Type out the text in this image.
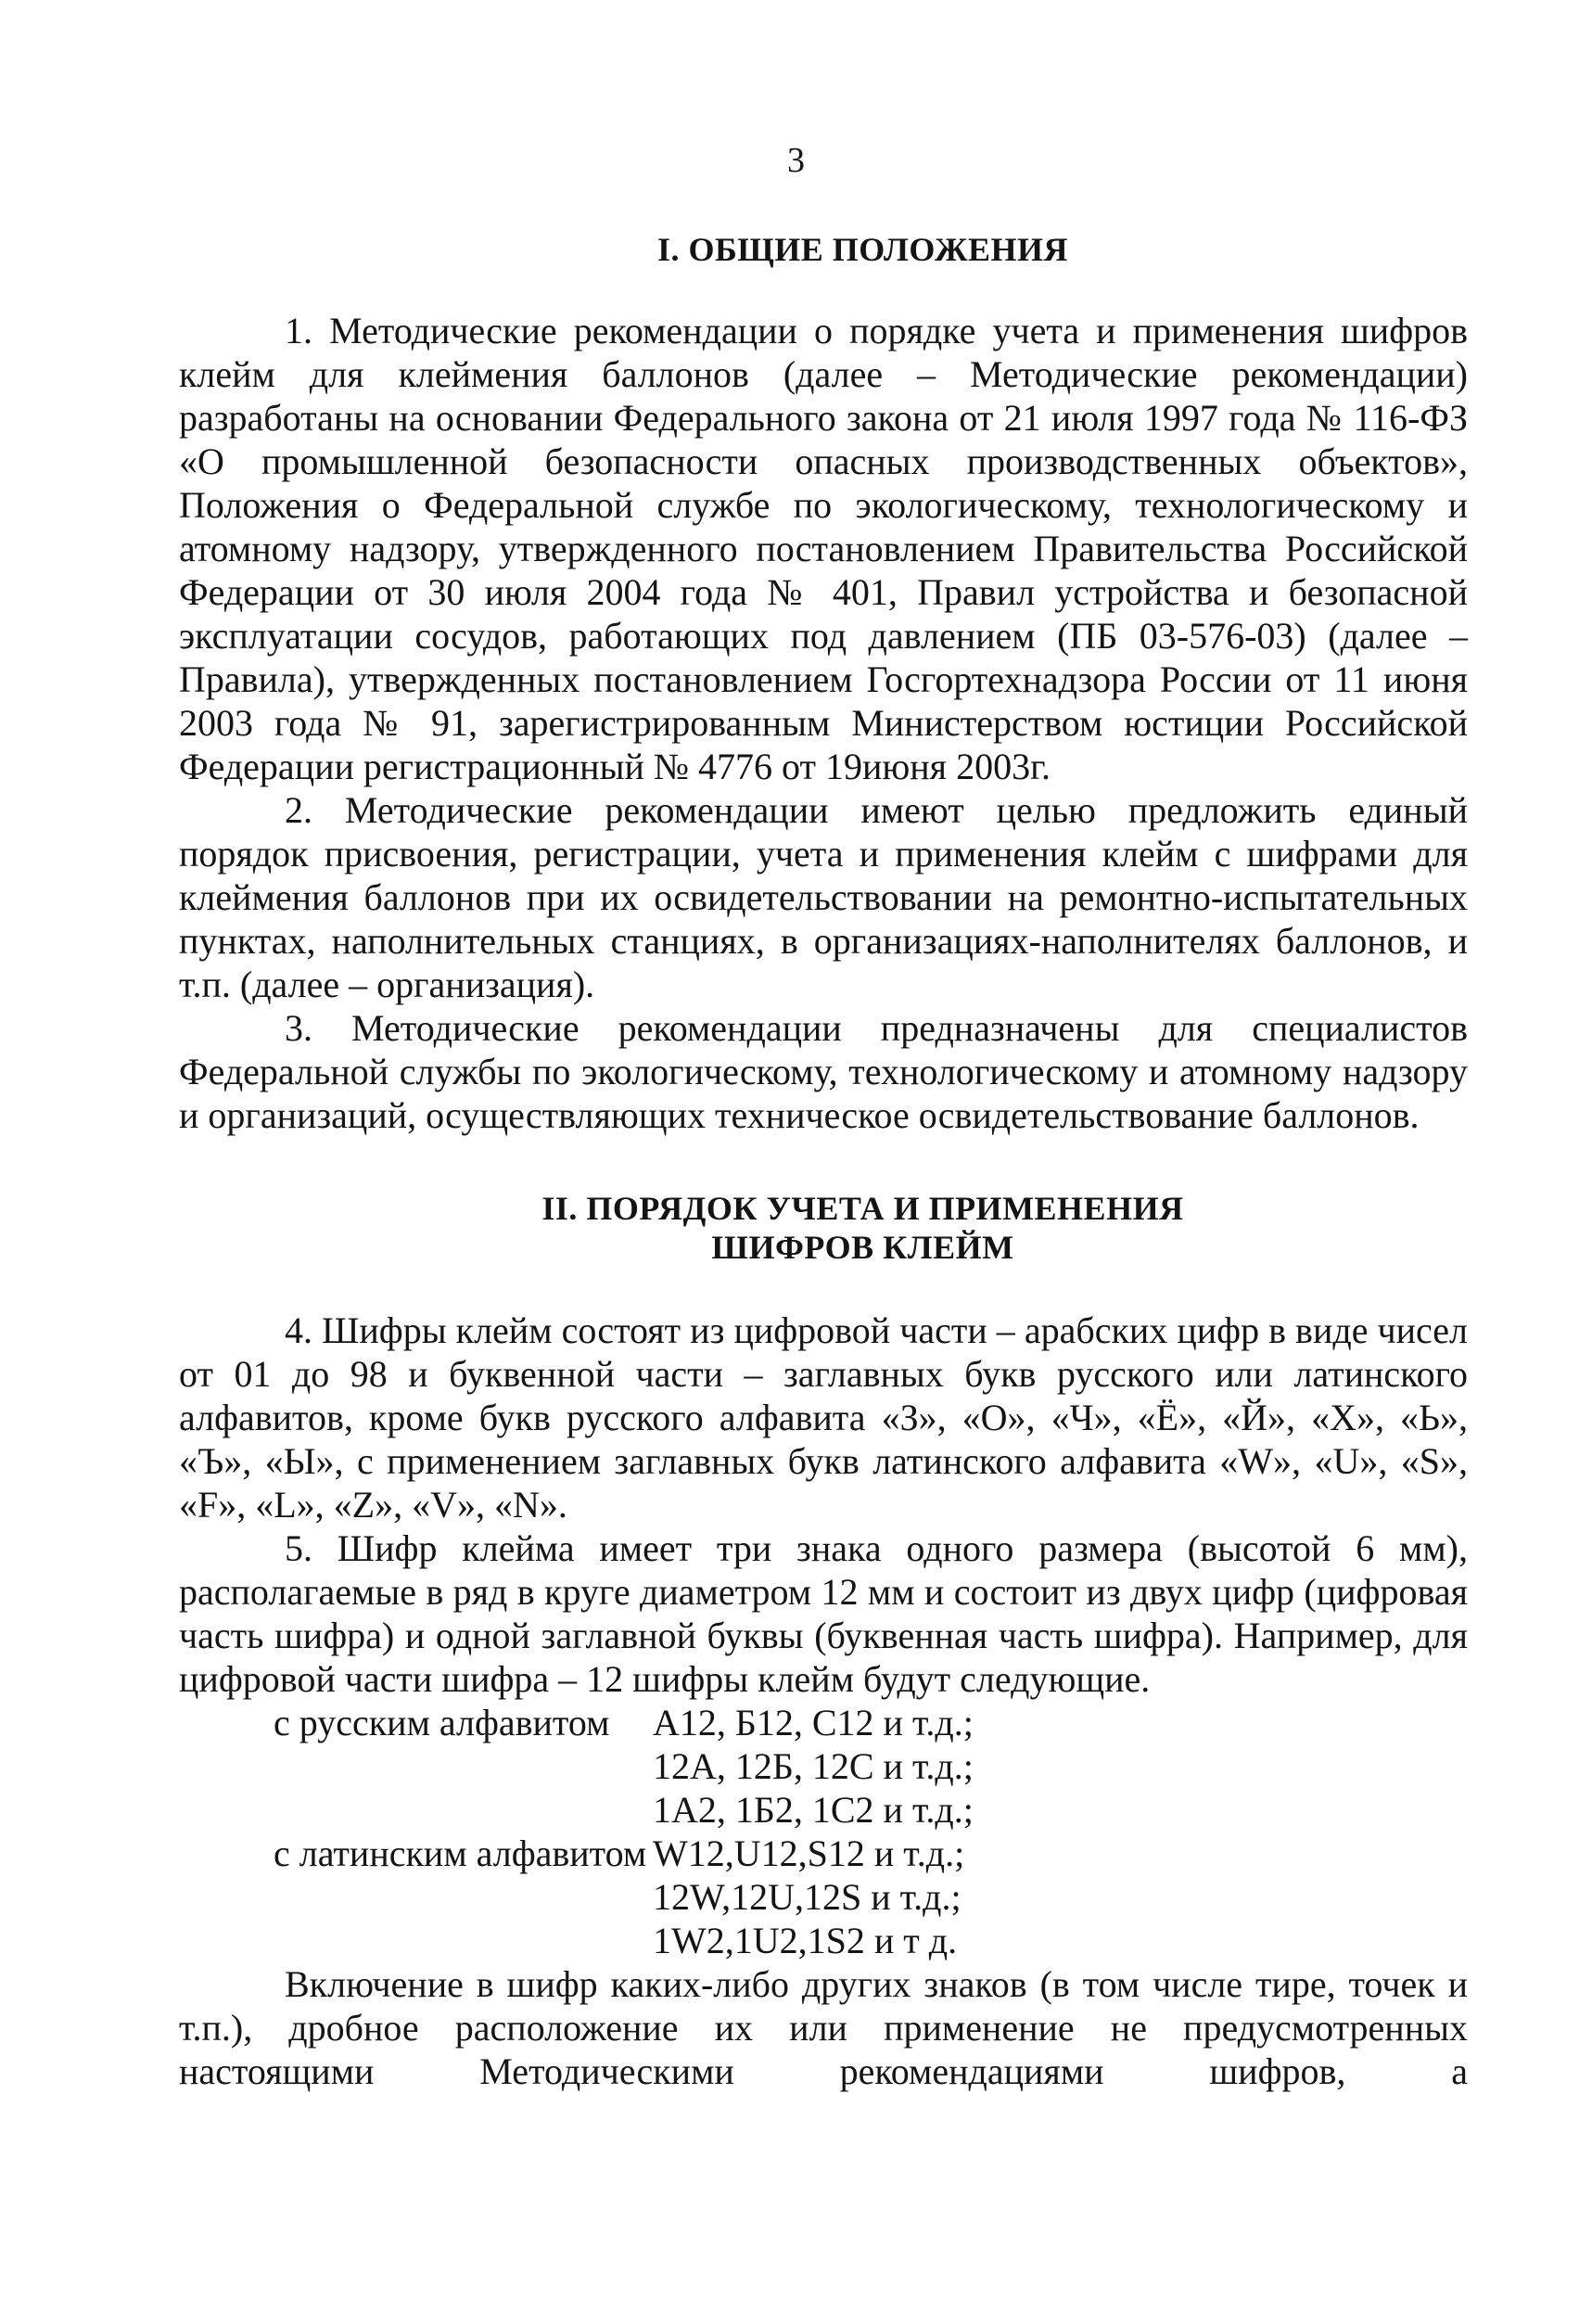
3
I. ОБЩИЕ ПОЛОЖЕНИЯ

1. Методические рекомендации о порядке учета и применения шифров клейм для клеймения баллонов (далее – Методические рекомендации) разработаны на основании Федерального закона от 21 июля 1997 года № 116-ФЗ «О промышленной безопасности опасных производственных объектов», Положения о Федеральной службе по экологическому, технологическому и атомному надзору, утвержденного постановлением Правительства Российской Федерации от 30 июля 2004 года № 401, Правил устройства и безопасной эксплуатации сосудов, работающих под давлением (ПБ 03-576-03) (далее – Правила), утвержденных постановлением Госгортехнадзора России от 11 июня 2003 года № 91, зарегистрированным Министерством юстиции Российской Федерации регистрационный № 4776 от 19июня 2003г.

2. Методические рекомендации имеют целью предложить единый порядок присвоения, регистрации, учета и применения клейм с шифрами для клеймения баллонов при их освидетельствовании на ремонтно-испытательных пунктах, наполнительных станциях, в организациях-наполнителях баллонов, и т.п. (далее – организация).

3. Методические рекомендации предназначены для специалистов Федеральной службы по экологическому, технологическому и атомному надзору и организаций, осуществляющих техническое освидетельствование баллонов.

II. ПОРЯДОК УЧЕТА И ПРИМЕНЕНИЯ
ШИФРОВ КЛЕЙМ

4. Шифры клейм состоят из цифровой части – арабских цифр в виде чисел от 01 до 98 и буквенной части – заглавных букв русского или латинского алфавитов, кроме букв русского алфавита «З», «О», «Ч», «Ё», «Й», «Х», «Ь», «Ъ», «Ы», с применением заглавных букв латинского алфавита «W», «U», «S», «F», «L», «Z», «V», «N».

5. Шифр клейма имеет три знака одного размера (высотой 6 мм), располагаемые в ряд в круге диаметром 12 мм и состоит из двух цифр (цифровая часть шифра) и одной заглавной буквы (буквенная часть шифра). Например, для цифровой части шифра – 12 шифры клейм будут следующие.

с русским алфавитом	А12, Б12, С12 и т.д.;
12А, 12Б, 12С и т.д.;
1А2, 1Б2, 1С2 и т.д.;
с латинским алфавитом W12,U12,S12 и т.д.;
12W,12U,12S и т.д.;
1W2,1U2,1S2 и т д.

Включение в шифр каких-либо других знаков (в том числе тире, точек и т.п.), дробное расположение их или применение не предусмотренных настоящими Методическими рекомендациями шифров, а
